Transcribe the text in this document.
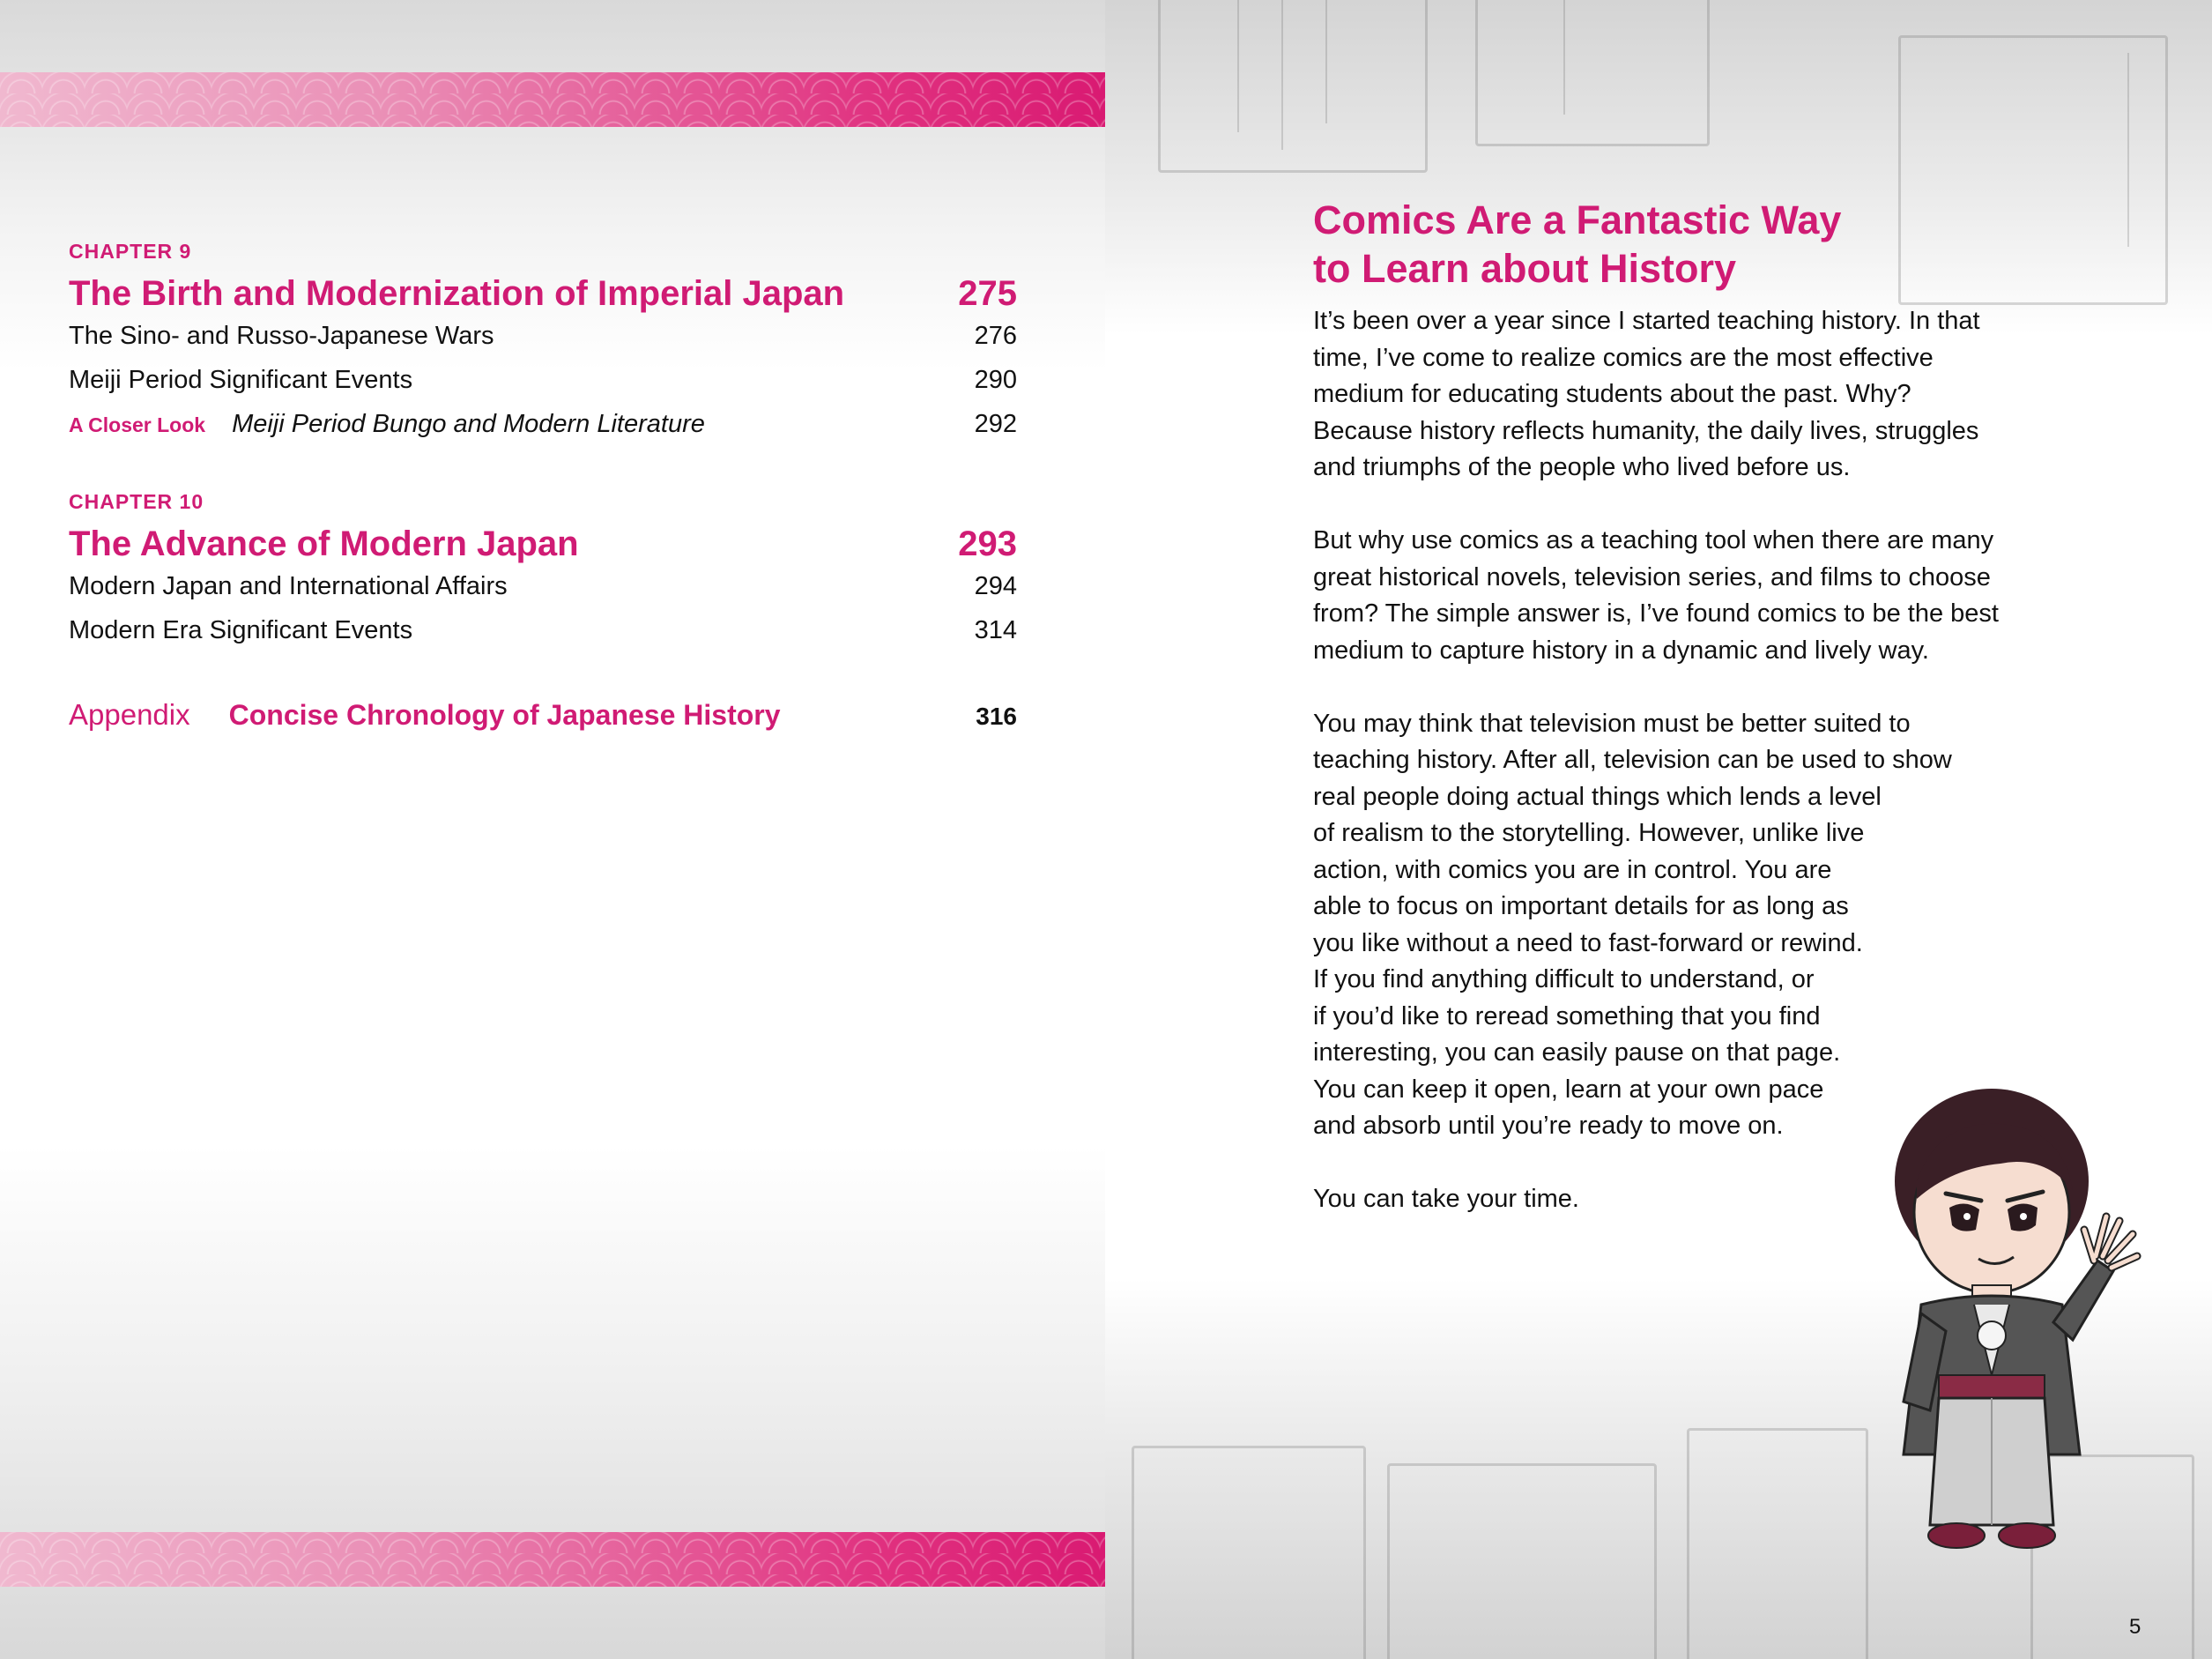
CHAPTER 9

The Birth and Modernization of Imperial Japan	275
The Sino- and Russo-Japanese Wars	276
Meiji Period Significant Events	290
A Closer Look Meiji Period Bungo and Modern Literature	292

CHAPTER 10

The Advance of Modern Japan	293
Modern Japan and International Affairs	294
Modern Era Significant Events	314
Appendix Concise Chronology of Japanese History	316
Comics Are a Fantastic Way
to Learn about History

It’s been over a year since I started teaching history. In that
time, I’ve come to realize comics are the most effective
medium for educating students about the past. Why?
Because history reflects humanity, the daily lives, struggles
and triumphs of the people who lived before us.

But why use comics as a teaching tool when there are many
great historical novels, television series, and films to choose
from? The simple answer is, I’ve found comics to be the best
medium to capture history in a dynamic and lively way.

You may think that television must be better suited to
teaching history. After all, television can be used to show
real people doing actual things which lends a level
of realism to the storytelling. However, unlike live
action, with comics you are in control. You are
able to focus on important details for as long as
you like without a need to fast-forward or rewind.
If you find anything difficult to understand, or
if you’d like to reread something that you find
interesting, you can easily pause on that page.
You can keep it open, learn at your own pace
and absorb until you’re ready to move on.

You can take your time.

5
